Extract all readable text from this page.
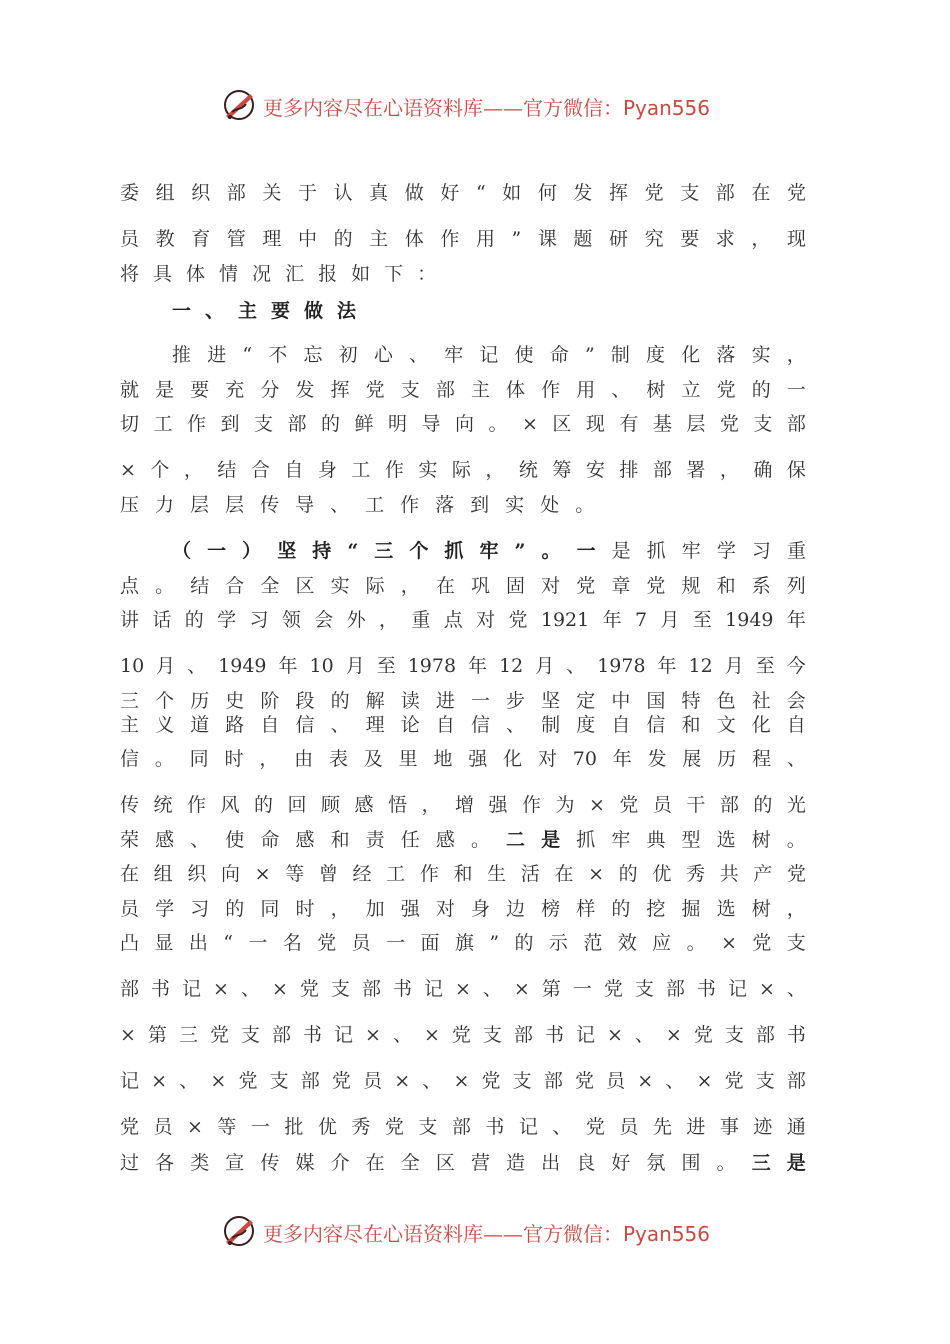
更多内容尽在心语资料库——官方微信：Pyan556
委 组 织 部 关 于 认 真 做 好 “ 如 何 发 挥 党 支 部 在 党
员 教 育 管 理 中 的 主 体 作 用 ” 课 题 研 究 要 求 ， 现
将 具 体 情 况 汇 报 如 下 ：
一、主要做法
推 进 “ 不 忘 初 心 、 牢 记 使 命 ” 制 度 化 落 实 ，
就 是 要 充 分 发 挥 党 支 部 主 体 作 用 、 树 立 党 的 一
切 工 作 到 支 部 的 鲜 明 导 向 。 × 区 现 有 基 层 党 支 部
× 个 ， 结 合 自 身 工 作 实 际 ， 统 筹 安 排 部 署 ， 确 保
压 力 层 层 传 导 、 工 作 落 到 实 处 。
（ 一 ） 坚 持 “ 三 个 抓 牢 ” 。 一 是 抓 牢 学 习 重
点 。 结 合 全 区 实 际 ， 在 巩 固 对 党 章 党 规 和 系 列
讲 话 的 学 习 领 会 外 ， 重 点 对 党 1921 年 7 月 至 1949 年
10 月 、 1949 年 10 月 至 1978 年 12 月 、 1978 年 12 月 至 今
三 个 历 史 阶 段 的 解 读 进 一 步 坚 定 中 国 特 色 社 会
主 义 道 路 自 信 、 理 论 自 信 、 制 度 自 信 和 文 化 自
信 。 同 时 ， 由 表 及 里 地 强 化 对 70 年 发 展 历 程 、
传 统 作 风 的 回 顾 感 悟 ， 增 强 作 为 × 党 员 干 部 的 光
荣 感 、 使 命 感 和 责 任 感 。 二 是 抓 牢 典 型 选 树 。
在 组 织 向 × 等 曾 经 工 作 和 生 活 在 × 的 优 秀 共 产 党
员 学 习 的 同 时 ， 加 强 对 身 边 榜 样 的 挖 掘 选 树 ，
凸 显 出 “ 一 名 党 员 一 面 旗 ” 的 示 范 效 应 。 × 党 支
部 书 记 × 、 × 党 支 部 书 记 × 、 × 第 一 党 支 部 书 记 × 、
× 第 三 党 支 部 书 记 × 、 × 党 支 部 书 记 × 、 × 党 支 部 书
记 × 、 × 党 支 部 党 员 × 、 × 党 支 部 党 员 × 、 × 党 支 部
党 员 × 等 一 批 优 秀 党 支 部 书 记 、 党 员 先 进 事 迹 通
过 各 类 宣 传 媒 介 在 全 区 营 造 出 良 好 氛 围 。 三 是
更多内容尽在心语资料库——官方微信：Pyan556
